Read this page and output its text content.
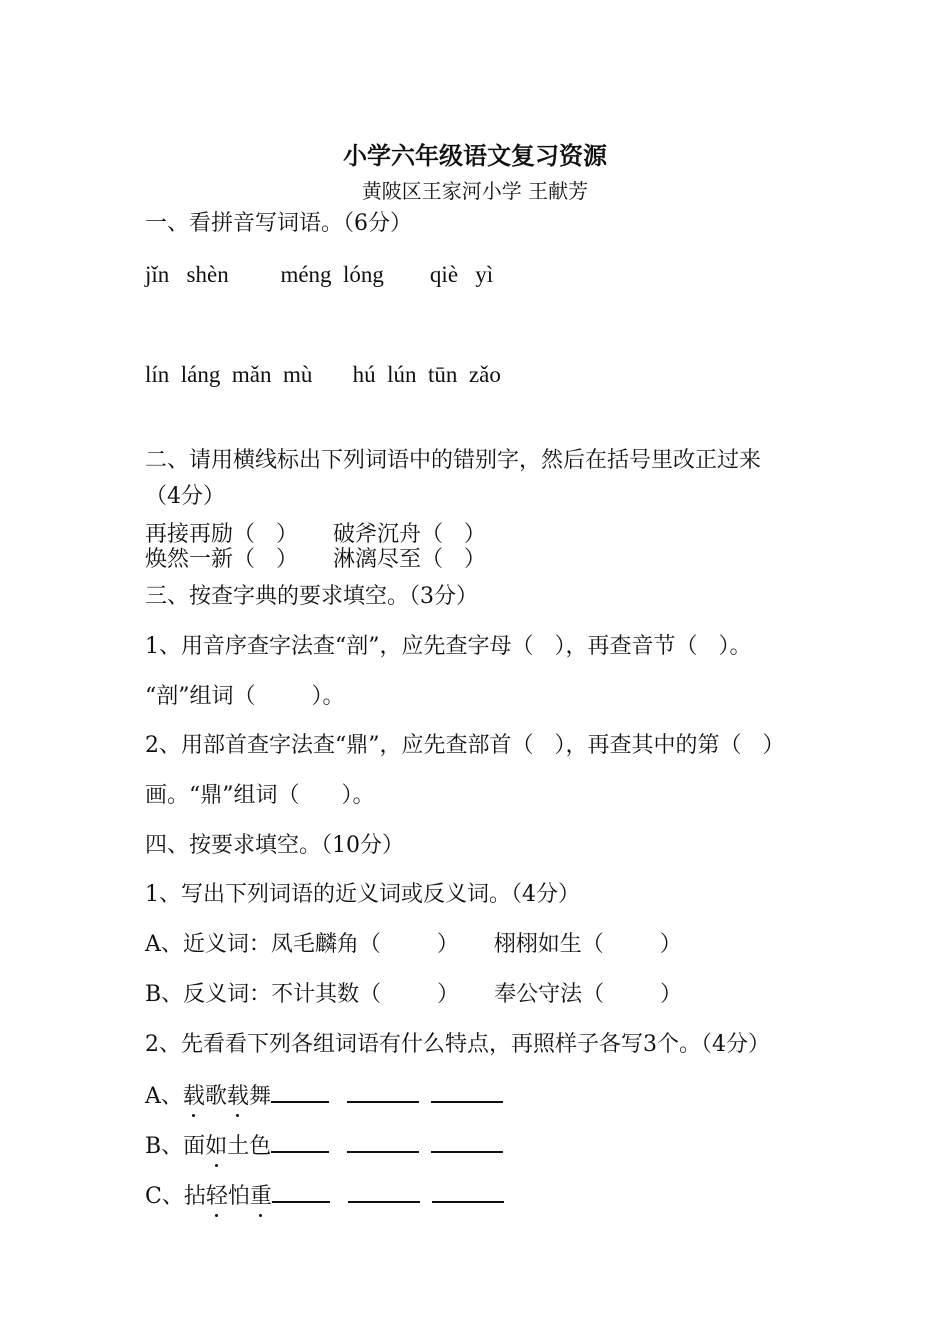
小学六年级语文复习资源
黄陂区王家河小学 王献芳
一、看拼音写词语。（6分）
jǐn   shèn         méng  lóng        qiè   yì
lín  láng  mǎn  mù       hú  lún  tūn  zǎo
二、请用横线标出下列词语中的错别字，然后在括号里改正过来
（4分）
再接再励（   ）     破斧沉舟（   ）
焕然一新（   ）     淋漓尽至（   ）
三、按查字典的要求填空。（3分）
1、用音序查字法查“剖”，应先查字母（   ），再查音节（   ）。
“剖”组词（        ）。
2、用部首查字法查“鼎”，应先查部首（   ），再查其中的第（   ）
画。“鼎”组词（      ）。
四、按要求填空。（10分）
1、写出下列词语的近义词或反义词。（4分）
A、近义词：凤毛麟角（        ）     栩栩如生（        ）
B、反义词：不计其数（        ）     奉公守法（        ）
2、先看看下列各组词语有什么特点，再照样子各写3个。（4分）
A、载歌载舞
B、面如土色
C、拈轻怕重
